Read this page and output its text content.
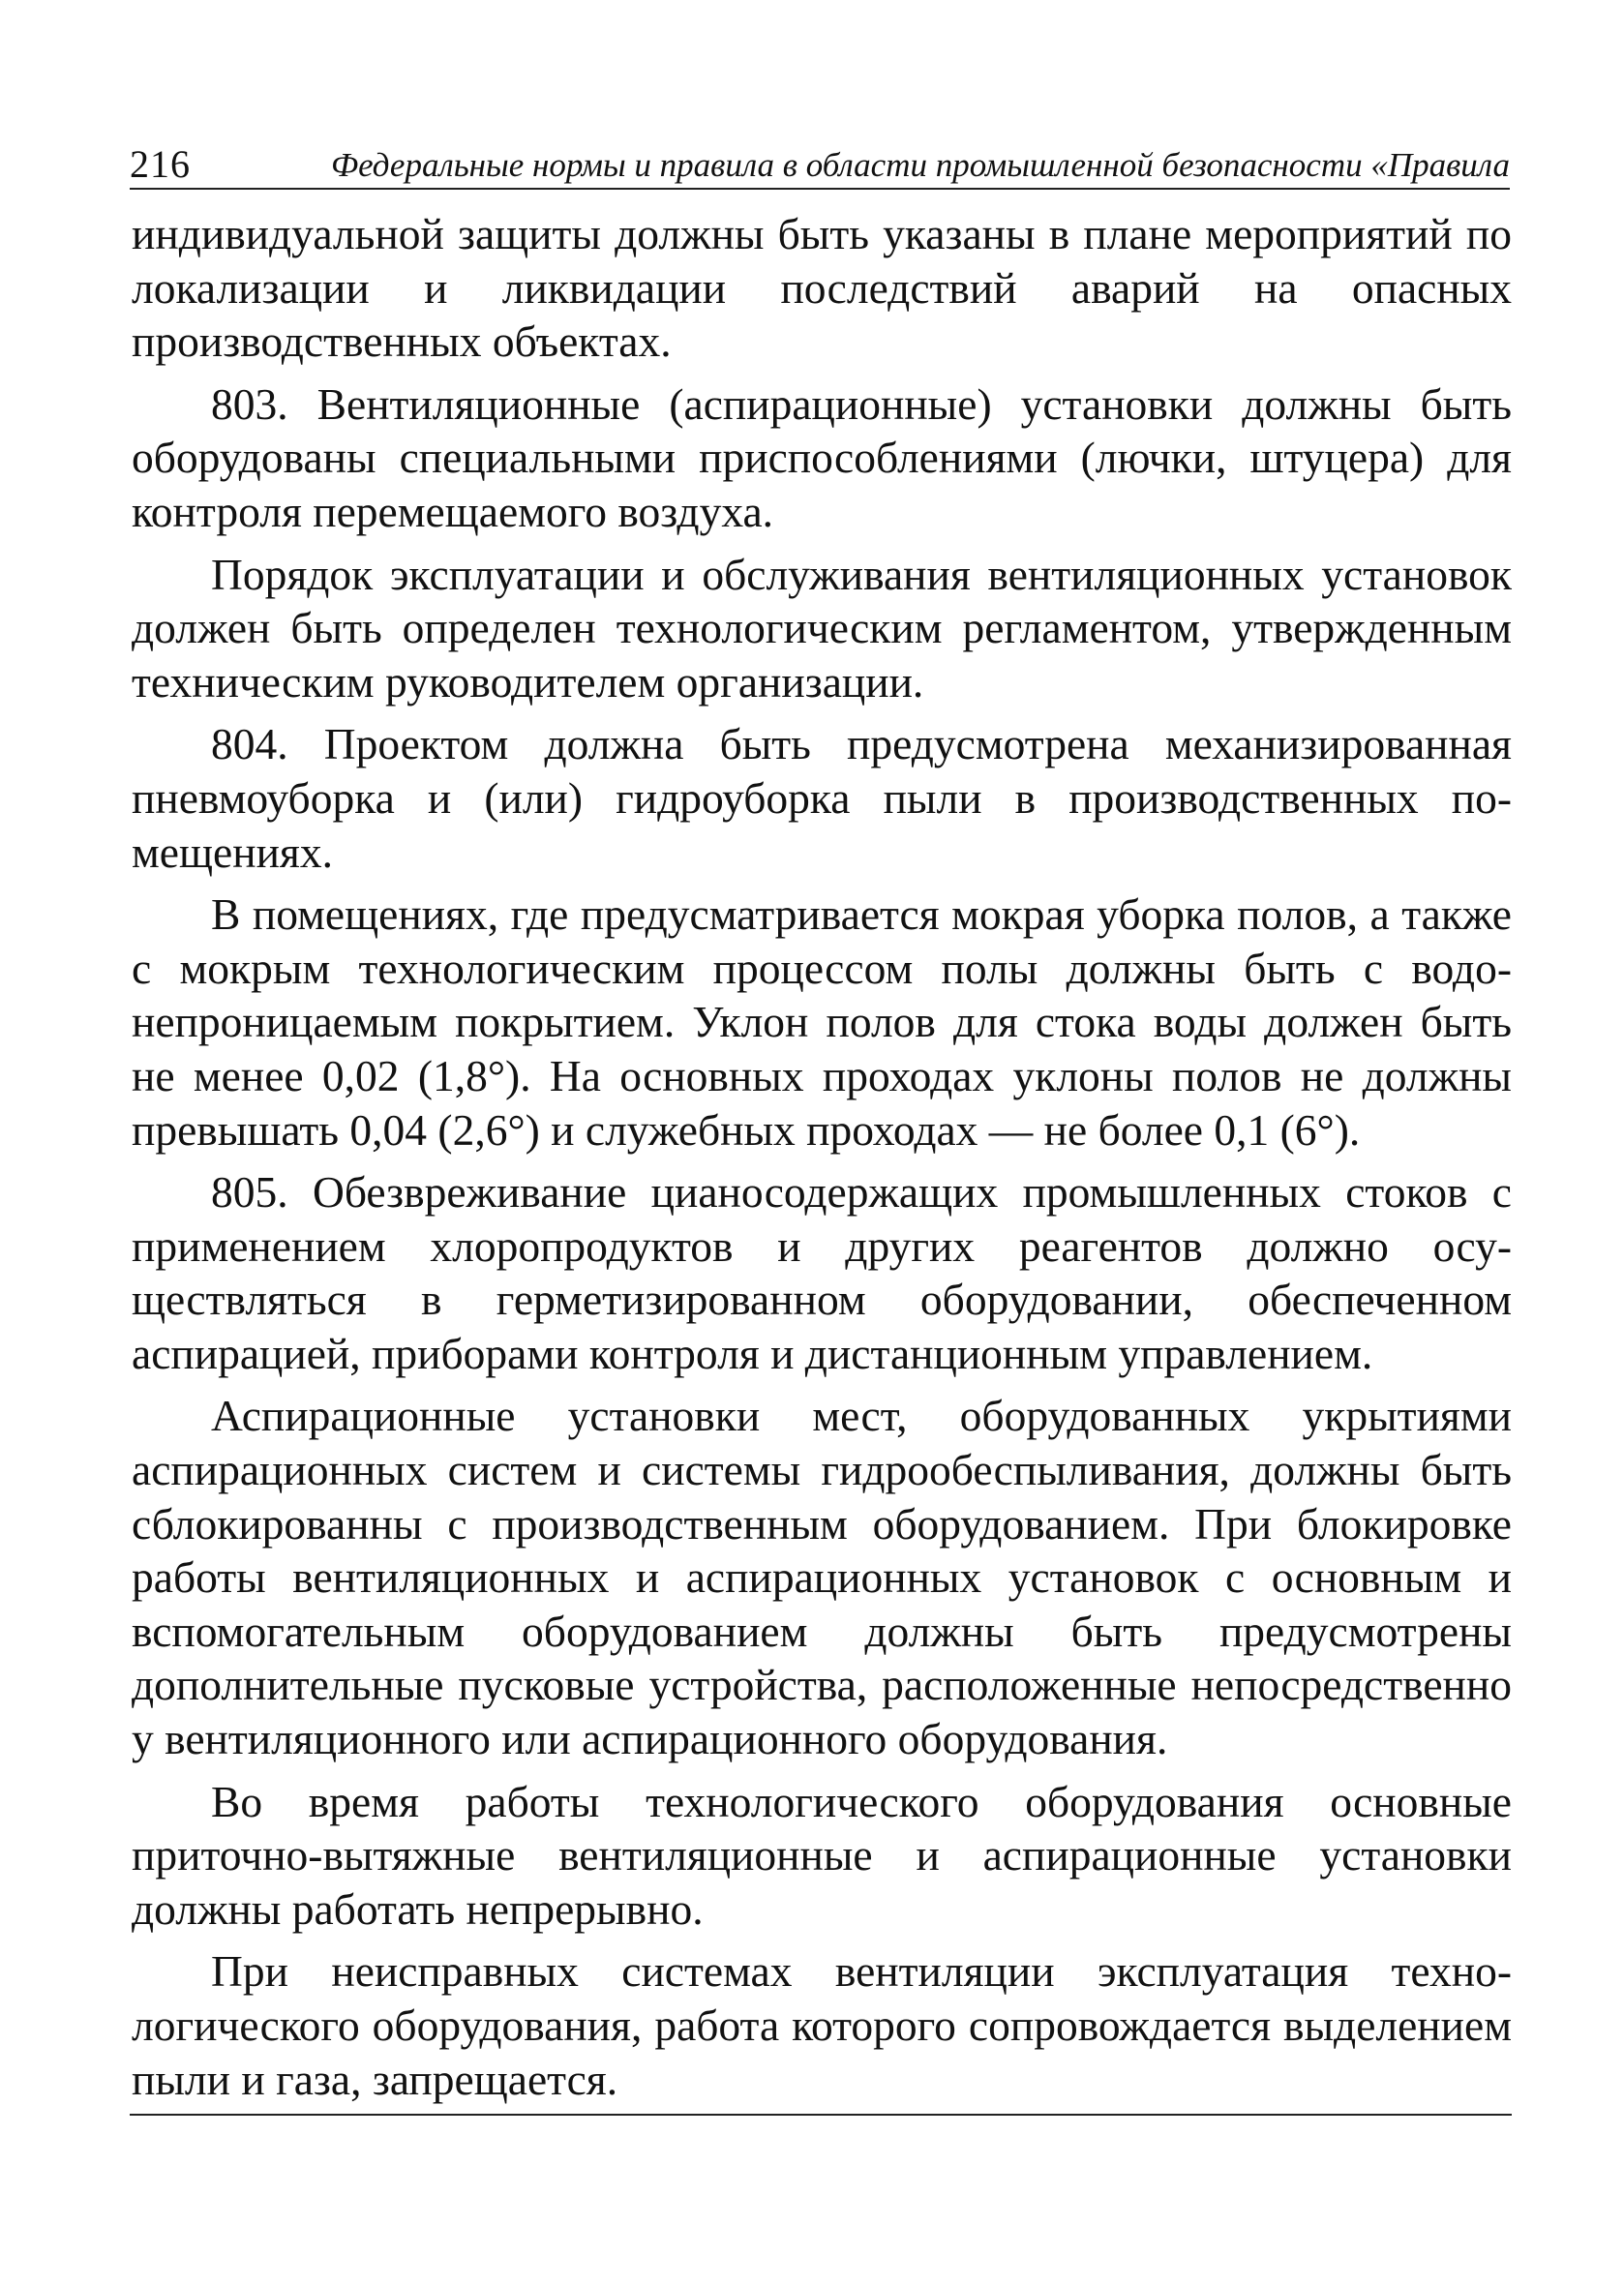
216	Федеральные нормы и правила в области промышленной безопасности «Правила

индивидуальной защиты должны быть указаны в плане мероприятий по локализации и ликвидации последствий аварий на опасных производственных объектах.

803. Вентиляционные (аспирационные) установки должны быть оборудованы специальными приспособлениями (лючки, штуцера) для контроля перемещаемого воздуха.

Порядок эксплуатации и обслуживания вентиляционных установок должен быть определен технологическим регламентом, утвержденным техническим руководителем организации.

804. Проектом должна быть предусмотрена механизированная пневмоуборка и (или) гидроуборка пыли в производственных помещениях.

В помещениях, где предусматривается мокрая уборка полов, а также с мокрым технологическим процессом полы должны быть с водонепроницаемым покрытием. Уклон полов для стока воды должен быть не менее 0,02 (1,8°). На основных проходах уклоны полов не должны превышать 0,04 (2,6°) и служебных проходах — не более 0,1 (6°).

805. Обезвреживание цианосодержащих промышленных стоков с применением хлоропродуктов и других реагентов должно осуществляться в герметизированном оборудовании, обеспеченном аспирацией, приборами контроля и дистанционным управлением.

Аспирационные установки мест, оборудованных укрытиями аспирационных систем и системы гидрообеспыливания, должны быть сблокированны с производственным оборудованием. При блокировке работы вентиляционных и аспирационных установок с основным и вспомогательным оборудованием должны быть предусмотрены дополнительные пусковые устройства, расположенные непосредственно у вентиляционного или аспирационного оборудования.

Во время работы технологического оборудования основные приточно-вытяжные вентиляционные и аспирационные установки должны работать непрерывно.

При неисправных системах вентиляции эксплуатация технологического оборудования, работа которого сопровождается выделением пыли и газа, запрещается.
